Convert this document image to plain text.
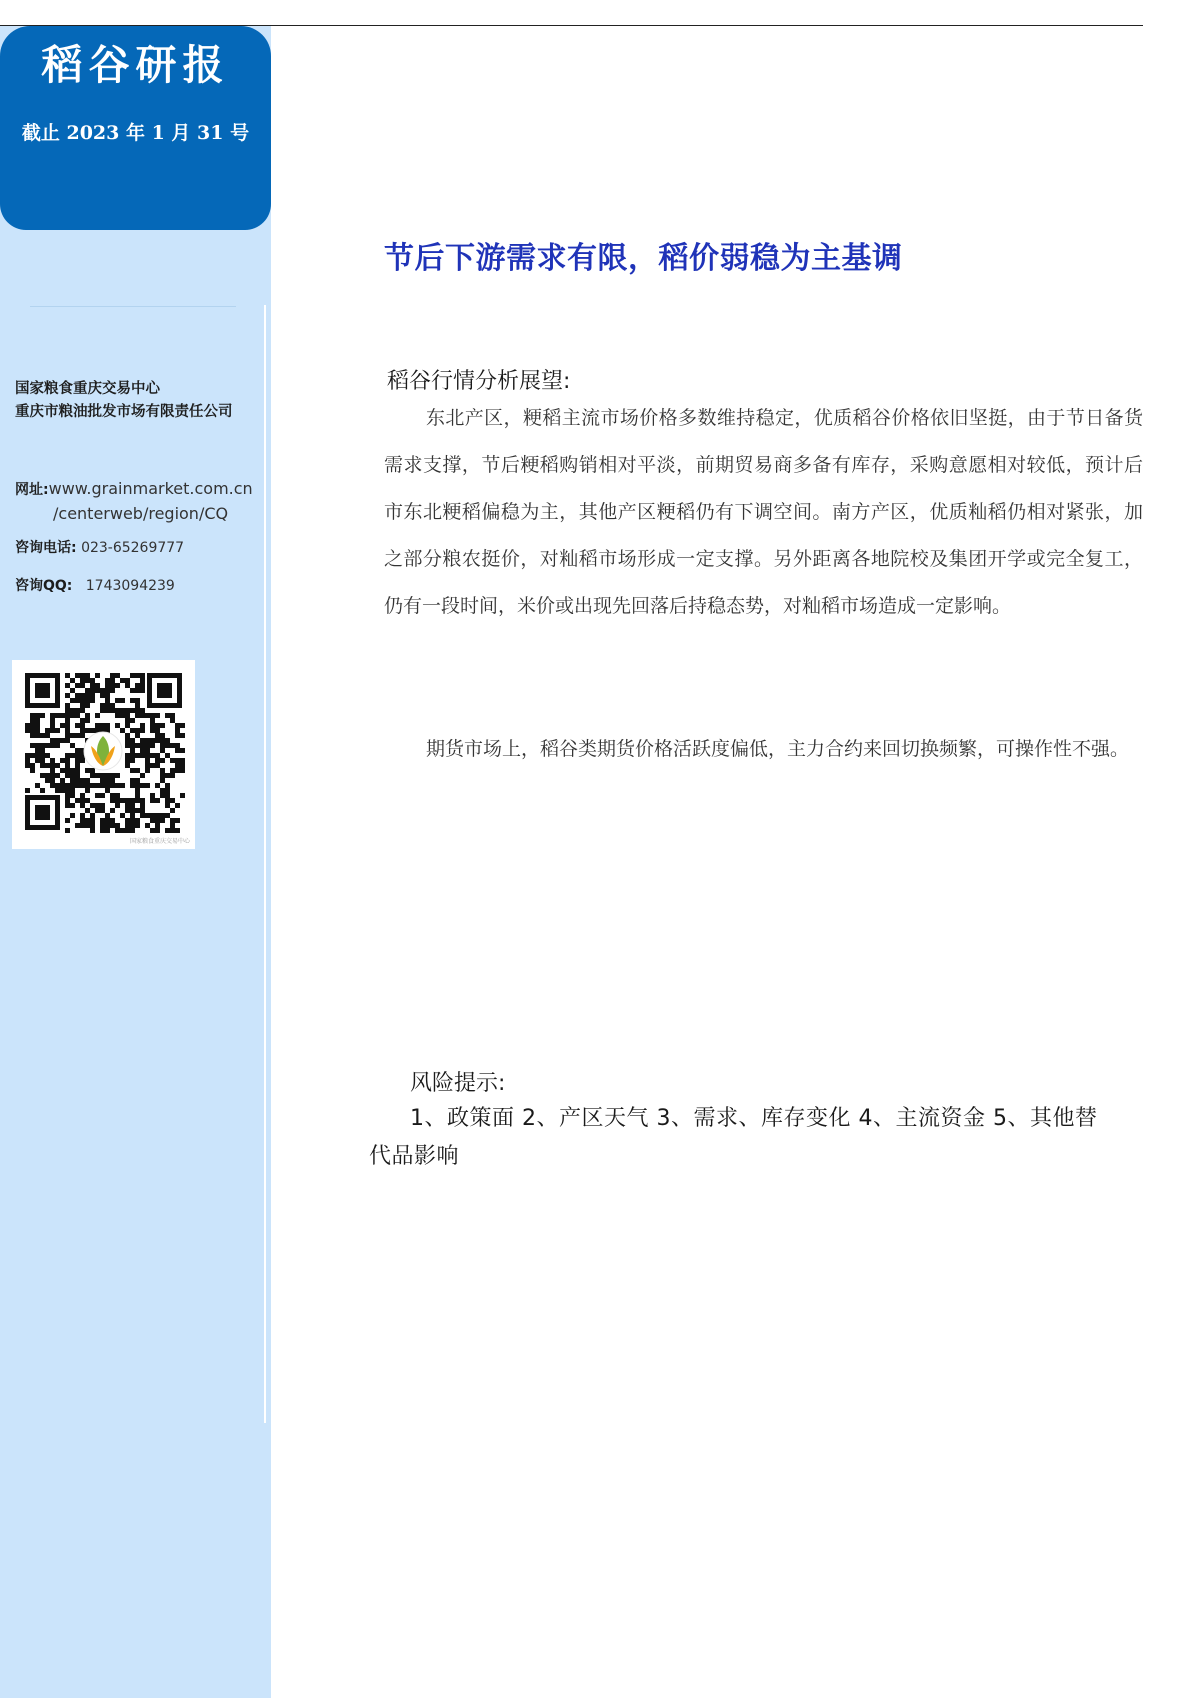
稻谷研报
截止 2023 年 1 月 31 号
国家粮食重庆交易中心
重庆市粮油批发市场有限责任公司
网址:www.grainmarket.com.cn
/centerweb/region/CQ
咨询电话: 023-65269777
咨询QQ: 1743094239
国家粮食重庆交易中心
节后下游需求有限，稻价弱稳为主基调
稻谷行情分析展望:

东北产区，粳稻主流市场价格多数维持稳定，优质稻谷价格依旧坚挺，由于节日备货需求支撑，节后粳稻购销相对平淡，前期贸易商多备有库存，采购意愿相对较低，预计后市东北粳稻偏稳为主，其他产区粳稻仍有下调空间。南方产区，优质籼稻仍相对紧张，加之部分粮农挺价，对籼稻市场形成一定支撑。另外距离各地院校及集团开学或完全复工，仍有一段时间，米价或出现先回落后持稳态势，对籼稻市场造成一定影响。

期货市场上，稻谷类期货价格活跃度偏低，主力合约来回切换频繁，可操作性不强。

风险提示:

1、政策面 2、产区天气 3、需求、库存变化 4、主流资金 5、其他替代品影响
